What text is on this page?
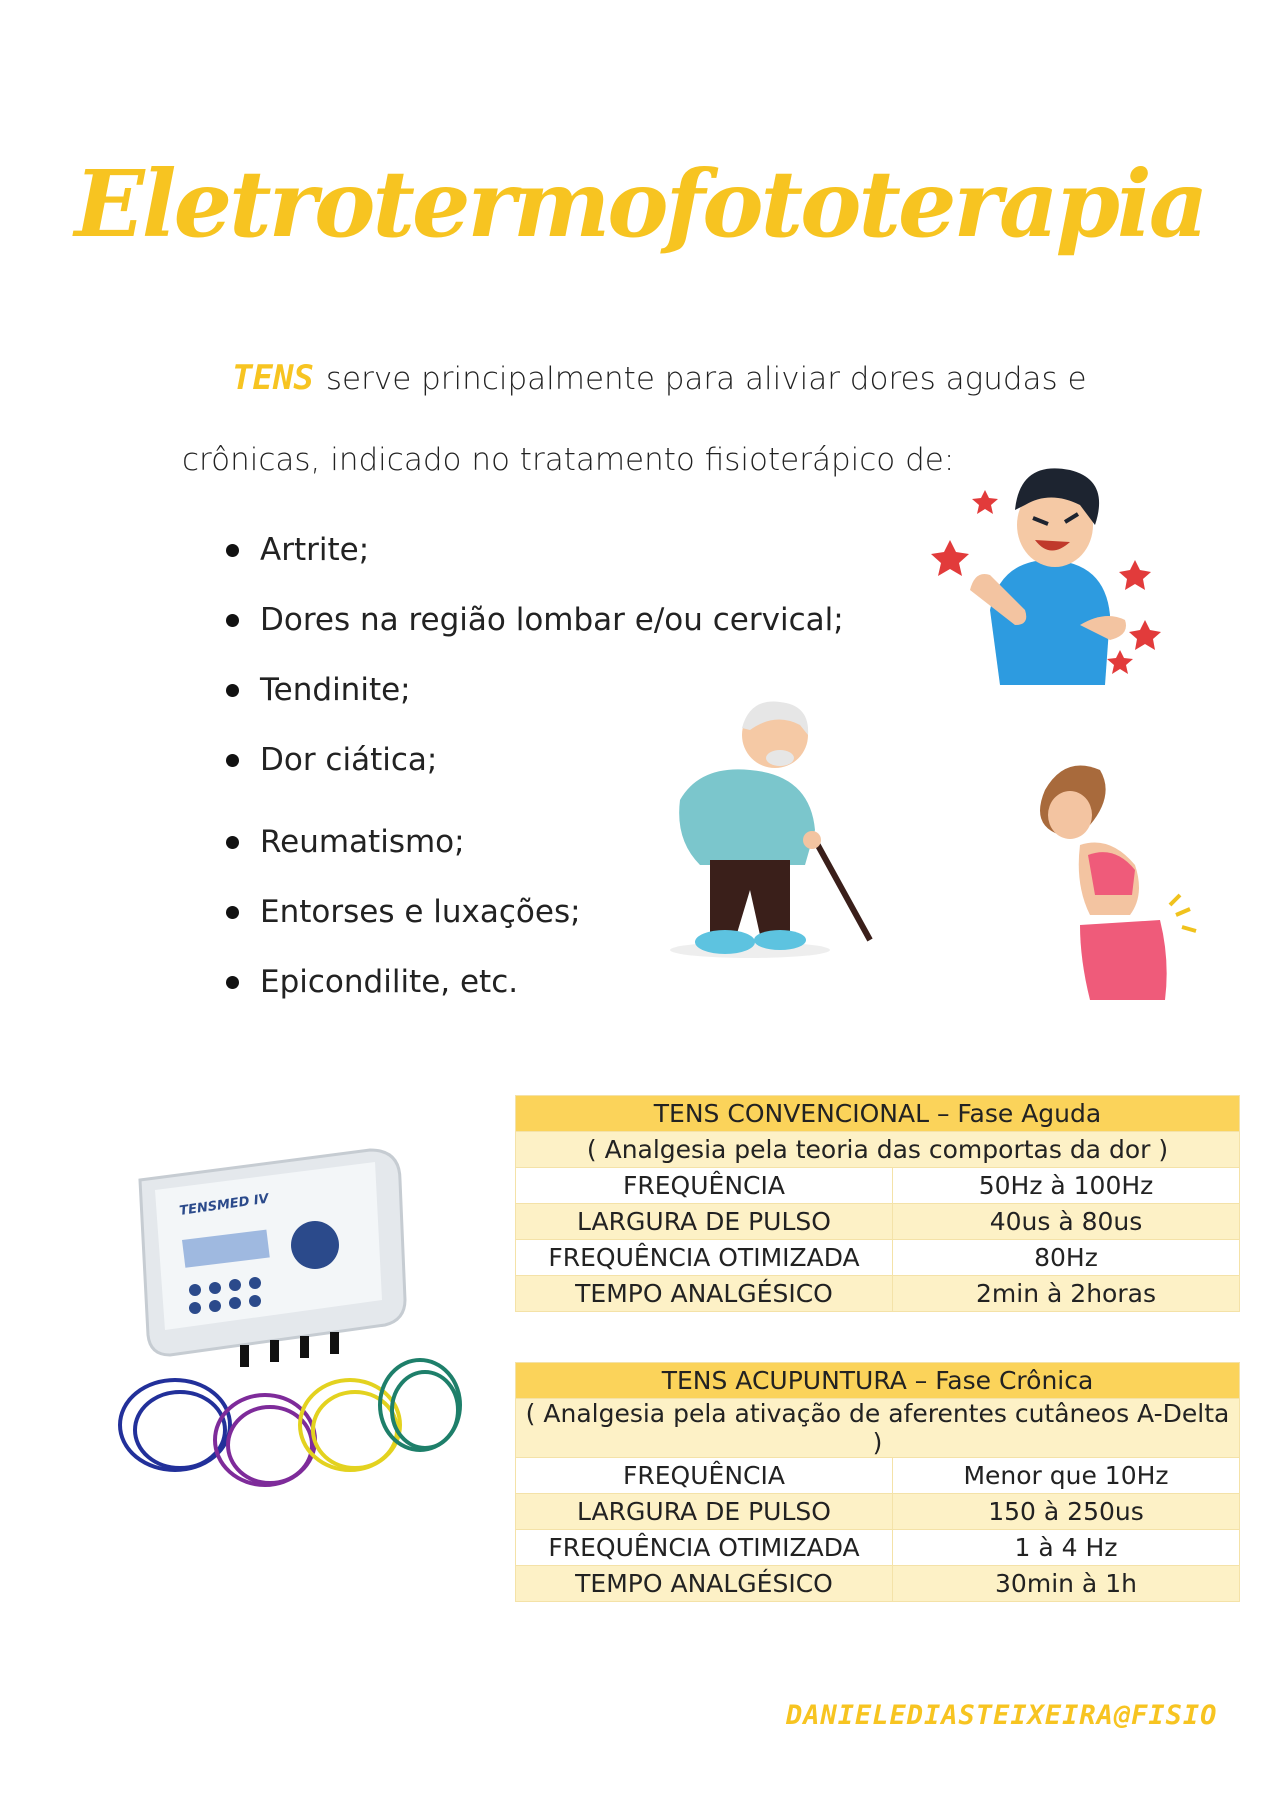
Eletrotermofototerapia
TENS serve principalmente para aliviar dores agudas e
crônicas, indicado no tratamento fisioterápico de:
Artrite;
Dores na região lombar e/ou cervical;
Tendinite;
Dor ciática;
Reumatismo;
Entorses e luxações;
Epicondilite, etc.
TENSMED IV
TENS CONVENCIONAL – Fase Aguda	
( Analgesia pela teoria das comportas da dor )	
FREQUÊNCIA	50Hz à 100Hz
LARGURA DE PULSO	40us à 80us
FREQUÊNCIA OTIMIZADA	80Hz
TEMPO ANALGÉSICO	2min à 2horas
TENS ACUPUNTURA – Fase Crônica	
( Analgesia pela ativação de aferentes cutâneos A-Delta )	
FREQUÊNCIA	Menor que 10Hz
LARGURA DE PULSO	150 à 250us
FREQUÊNCIA OTIMIZADA	1 à 4 Hz
TEMPO ANALGÉSICO	30min à 1h
DANIELEDIASTEIXEIRA@FISIO
